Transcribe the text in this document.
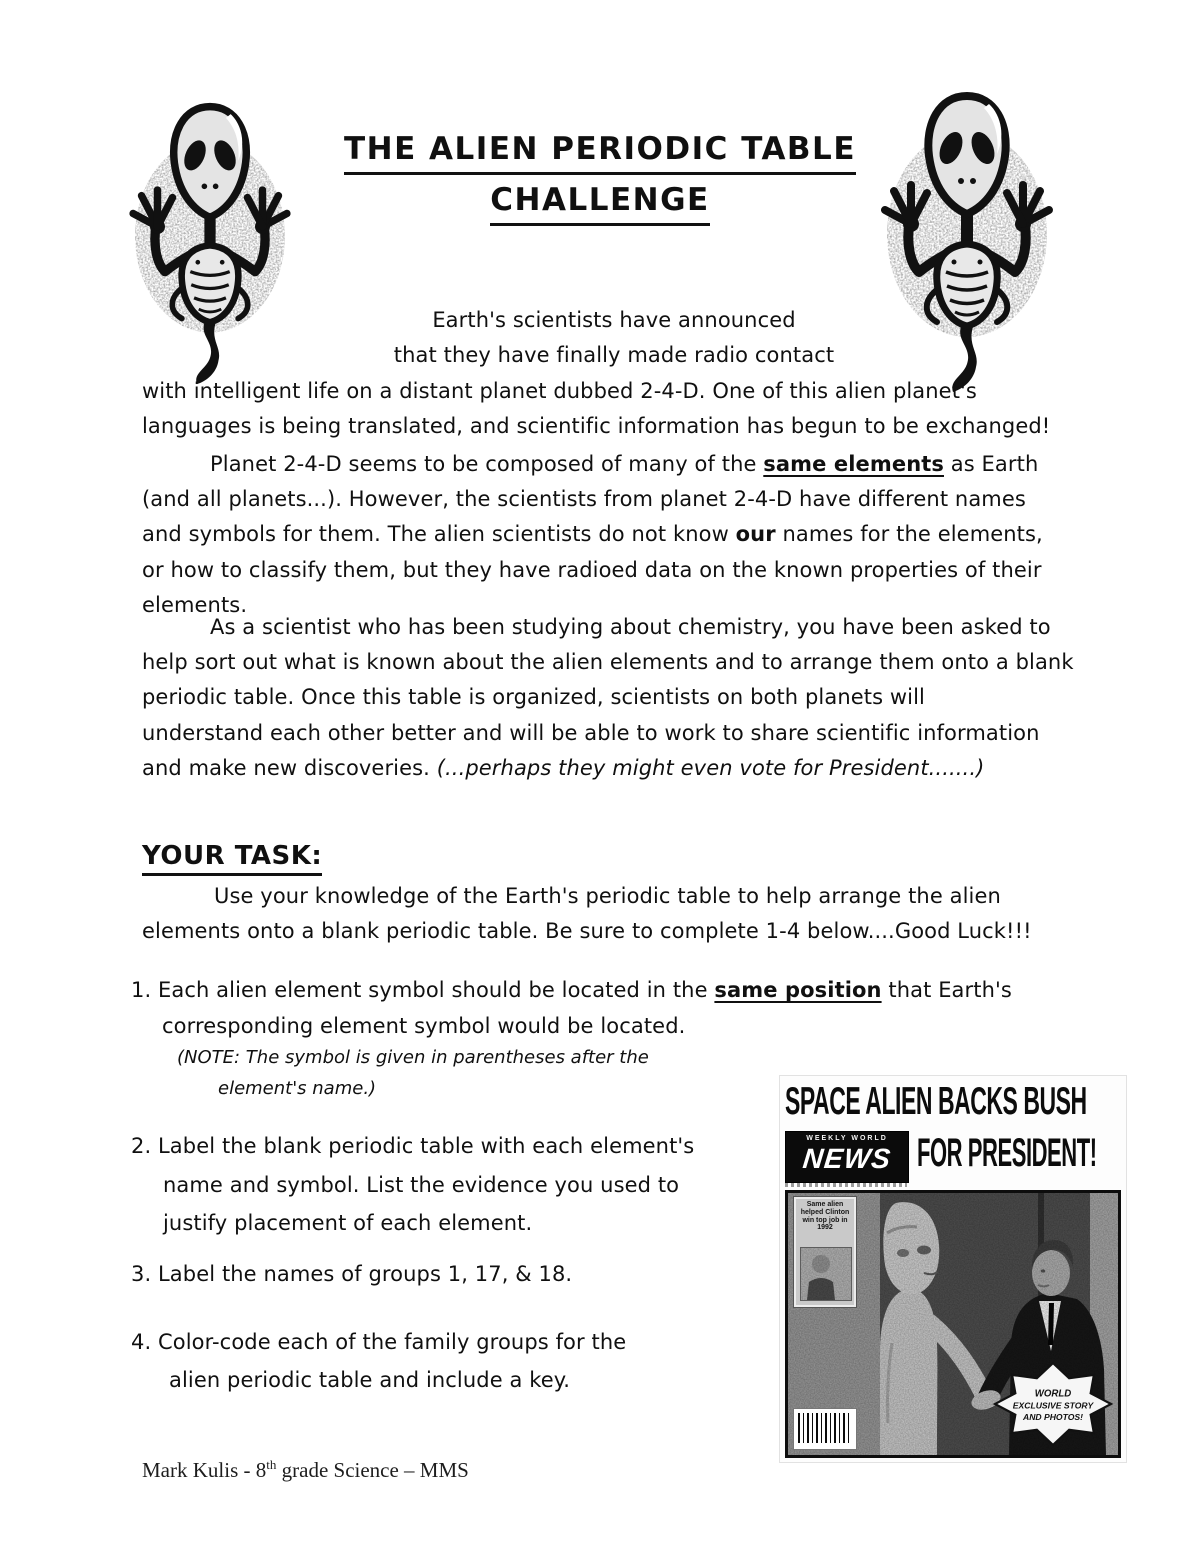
THE ALIEN PERIODIC TABLE
CHALLENGE
Earth's scientists have announced
that they have finally made radio contact
with intelligent life on a distant planet dubbed 2-4-D. One of this alien planet's
languages is being translated, and scientific information has begun to be exchanged!
Planet 2-4-D seems to be composed of many of the same elements as Earth
(and all planets...). However, the scientists from planet 2-4-D have different names
and symbols for them. The alien scientists do not know our names for the elements,
or how to classify them, but they have radioed data on the known properties of their
elements.
As a scientist who has been studying about chemistry, you have been asked to
help sort out what is known about the alien elements and to arrange them onto a blank
periodic table. Once this table is organized, scientists on both planets will
understand each other better and will be able to work to share scientific information
and make new discoveries. (...perhaps they might even vote for President.......)
YOUR TASK:
Use your knowledge of the Earth's periodic table to help arrange the alien
elements onto a blank periodic table. Be sure to complete 1-4 below....Good Luck!!!
1. Each alien element symbol should be located in the same position that Earth's
corresponding element symbol would be located.
(NOTE: The symbol is given in parentheses after the
element's name.)
2. Label the blank periodic table with each element's
name and symbol. List the evidence you used to
justify placement of each element.
3. Label the names of groups 1, 17, & 18.
4. Color-code each of the family groups for the
alien periodic table and include a key.
SPACE ALIEN BACKS BUSH
WEEKLY WORLD
NEWS FOR PRESIDENT!
Same alien helped Clinton win top job in 1992
WORLD
EXCLUSIVE STORY
AND PHOTOS!
Mark Kulis - 8th grade Science – MMS
